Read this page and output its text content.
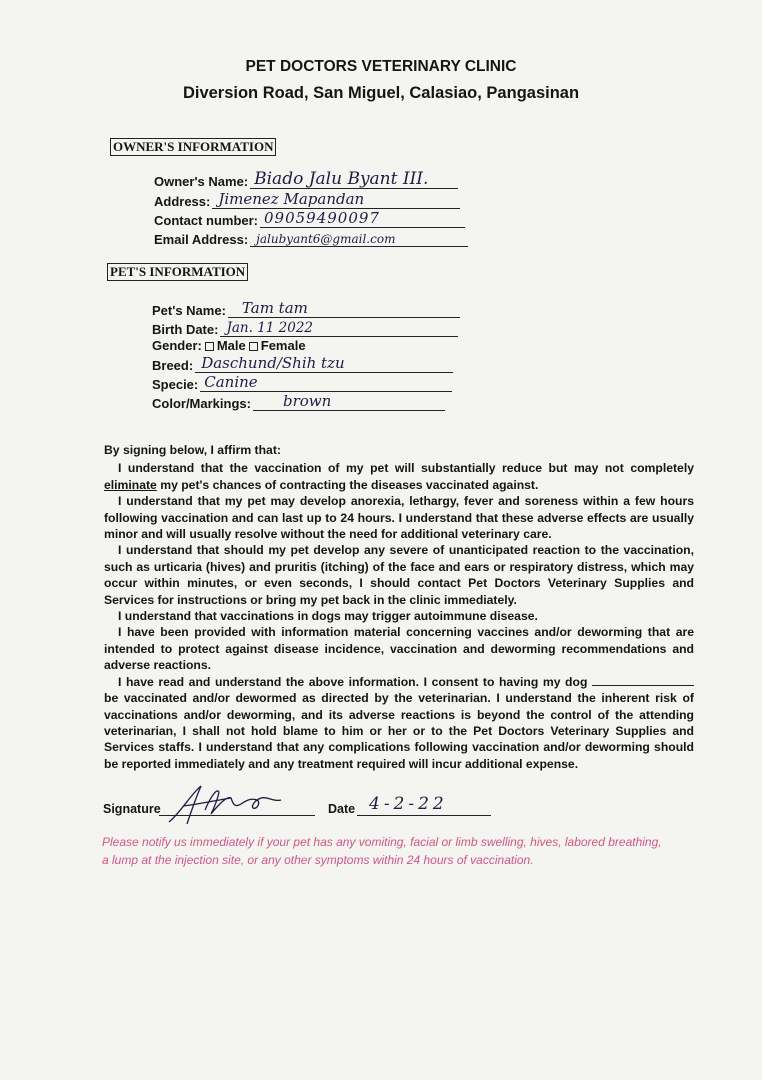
PET DOCTORS VETERINARY CLINIC
Diversion Road, San Miguel, Calasiao, Pangasinan
OWNER'S INFORMATION
Owner's Name: Biado Jalu Byant III.
Address: Jimenez Mapandan
Contact number: 09059490097
Email Address: jalubyant6@gmail.com
PET'S INFORMATION
Pet's Name: Tam tam
Birth Date: Jan. 11 2022
Gender: Male Female
Breed: Daschund/Shih tzu
Specie: Canine
Color/Markings: brown

By signing below, I affirm that:

I understand that the vaccination of my pet will substantially reduce but may not completely eliminate my pet's chances of contracting the diseases vaccinated against.

I understand that my pet may develop anorexia, lethargy, fever and soreness within a few hours following vaccination and can last up to 24 hours. I understand that these adverse effects are usually minor and will usually resolve without the need for additional veterinary care.

I understand that should my pet develop any severe of unanticipated reaction to the vaccination, such as urticaria (hives) and pruritis (itching) of the face and ears or respiratory distress, which may occur within minutes, or even seconds, I should contact Pet Doctors Veterinary Supplies and Services for instructions or bring my pet back in the clinic immediately.

I understand that vaccinations in dogs may trigger autoimmune disease.

I have been provided with information material concerning vaccines and/or deworming that are intended to protect against disease incidence, vaccination and deworming recommendations and adverse reactions.

I have read and understand the above information. I consent to having my dog  be vaccinated and/or dewormed as directed by the veterinarian. I understand the inherent risk of vaccinations and/or deworming, and its adverse reactions is beyond the control of the attending veterinarian, I shall not hold blame to him or her or to the Pet Doctors Veterinary Supplies and Services staffs. I understand that any complications following vaccination and/or deworming should be reported immediately and any treatment required will incur additional expense.

Signature	Date 4-2-22
Please notify us immediately if your pet has any vomiting, facial or limb swelling, hives, labored breathing, a lump at the injection site, or any other symptoms within 24 hours of vaccination.
